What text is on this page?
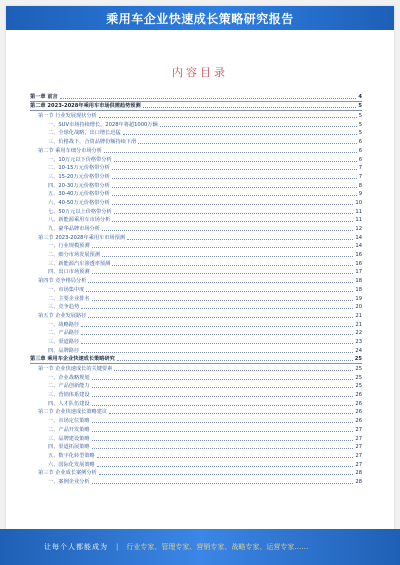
乘用车企业快速成长策略研究报告
内容目录
第一章 前言	4
第二章 2023-2028年乘用车市场供需趋势预测	5
第一节 行业发展现状分析	5
一、SUV市场持续增长，2028年将超1000万辆	5
二、全球化战略，出口增长迅猛	5
三、价格战下，合资品牌份额持续下滑	6
第二节 乘用车细分市场分析	6
一、10万元以下价格带分析	6
二、10-15万元价格带分析	7
三、15-20万元价格带分析	7
四、20-30万元价格带分析	8
五、30-40万元价格带分析	9
六、40-50万元价格带分析	10
七、50万元以上价格带分析	11
八、新能源乘用车市场分析	11
九、豪华品牌市场分析	12
第三节 2023-2028年乘用车市场预测	14
一、行业规模预测	14
二、细分市场发展预测	16
三、新能源汽车渗透率预测	16
四、出口市场预测	17
第四节 竞争格局分析	18
一、市场集中度	18
二、主要企业排名	19
三、竞争趋势	20
第五节 企业发展路径	21
一、战略路径	21
二、产品路径	22
三、渠道路径	23
四、品牌路径	24
第三章 乘用车企业快速成长策略研究	25
第一节 企业快速成长的关键要素	25
一、企业战略规划	25
二、产品创新能力	25
三、营销体系建设	26
四、人才队伍建设	26
第二节 企业快速成长策略建议	26
一、市场定位策略	26
二、产品开发策略	27
三、品牌建设策略	27
四、渠道拓展策略	27
五、数字化转型策略	27
六、国际化发展策略	27
第三节 企业成长案例分析	28
一、案例企业分析	28
让每个人都能成为 | 行业专家、管理专家、营销专家、战略专家、运营专家……
